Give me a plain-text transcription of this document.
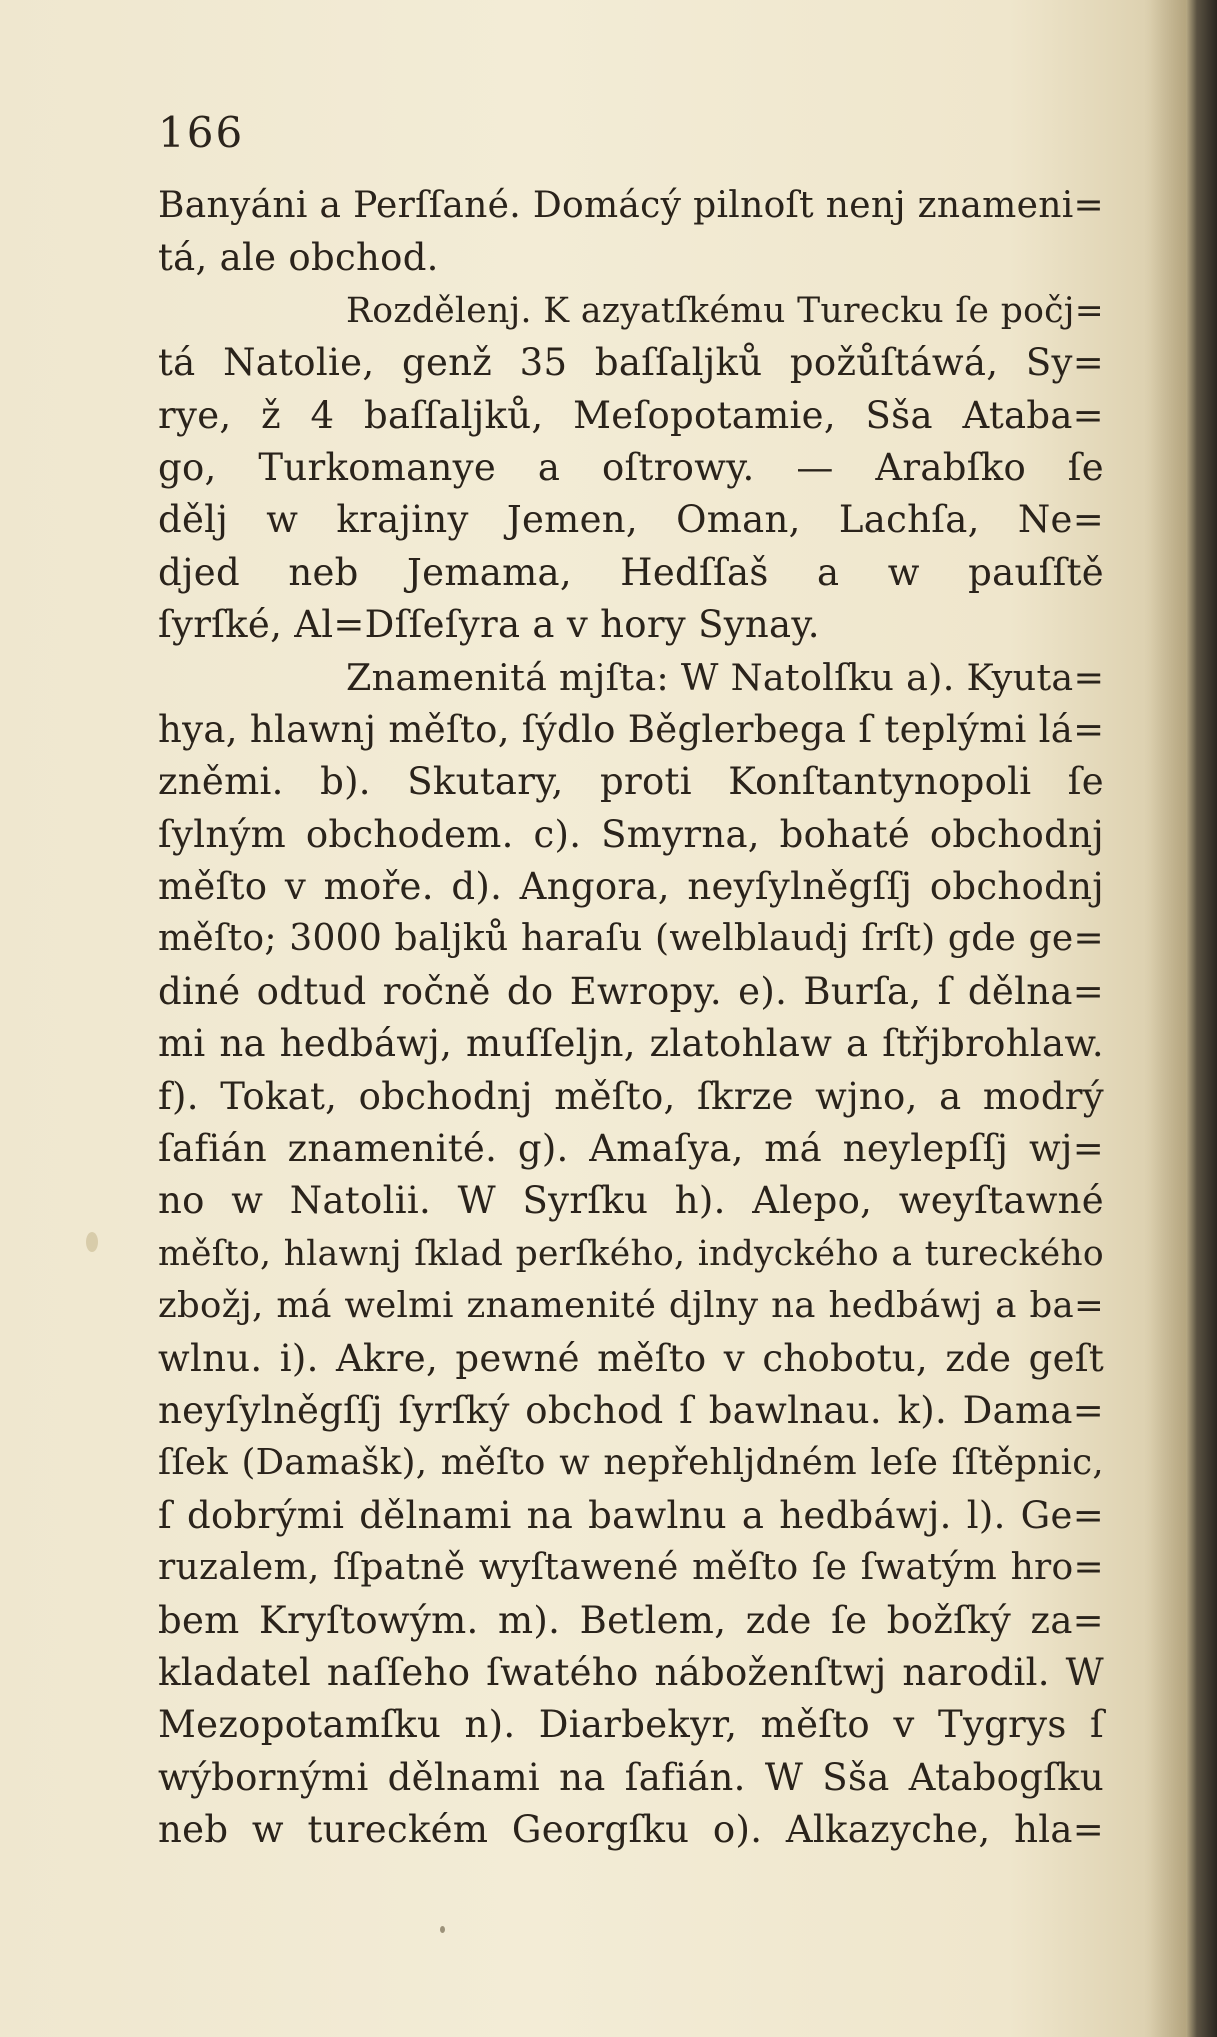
166
Banyáni a Perſſané. Domácý pilnoſt nenj znameni=
tá, ale obchod.
Rozdělenj. K azyatſkému Turecku ſe počj=
tá Natolie, genž 35 baſſaljků požůſtáwá, Sy=
rye, ž 4 baſſaljků, Meſopotamie, Sša Ataba=
go, Turkomanye a oſtrowy. — Arabſko ſe
dělj w krajiny Jemen, Oman, Lachſa, Ne=
djed neb Jemama, Hedſſaš a w pauſſtě
ſyrſké, Al=Dſſeſyra a v hory Synay.
Znamenitá mjſta: W Natolſku a). Kyuta=
hya, hlawnj měſto, ſýdlo Běglerbega ſ teplými lá=
zněmi. b). Skutary, proti Konſtantynopoli ſe
ſylným obchodem. c). Smyrna, bohaté obchodnj
měſto v moře. d). Angora, neyſylněgſſj obchodnj
měſto; 3000 baljků haraſu (welblaudj ſrſt) gde ge=
diné odtud ročně do Ewropy. e). Burſa, ſ dělna=
mi na hedbáwj, muſſeljn, zlatohlaw a ſtřjbrohlaw.
f). Tokat, obchodnj měſto, ſkrze wjno, a modrý
ſafián znamenité. g). Amaſya, má neylepſſj wj=
no w Natolii. W Syrſku h). Alepo, weyſtawné
měſto, hlawnj ſklad perſkého, indyckého a tureckého
zbožj, má welmi znamenité djlny na hedbáwj a ba=
wlnu. i). Akre, pewné měſto v chobotu, zde geſt
neyſylněgſſj ſyrſký obchod ſ bawlnau. k). Dama=
ſſek (Damašk), měſto w nepřehljdném leſe ſſtěpnic,
ſ dobrými dělnami na bawlnu a hedbáwj. l). Ge=
ruzalem, ſſpatně wyſtawené měſto ſe ſwatým hro=
bem Kryſtowým. m). Betlem, zde ſe božſký za=
kladatel naſſeho ſwatého náboženſtwj narodil. W
Mezopotamſku n). Diarbekyr, měſto v Tygrys ſ
wýbornými dělnami na ſafián. W Sša Atabogſku
neb w tureckém Georgſku o). Alkazyche, hla=
